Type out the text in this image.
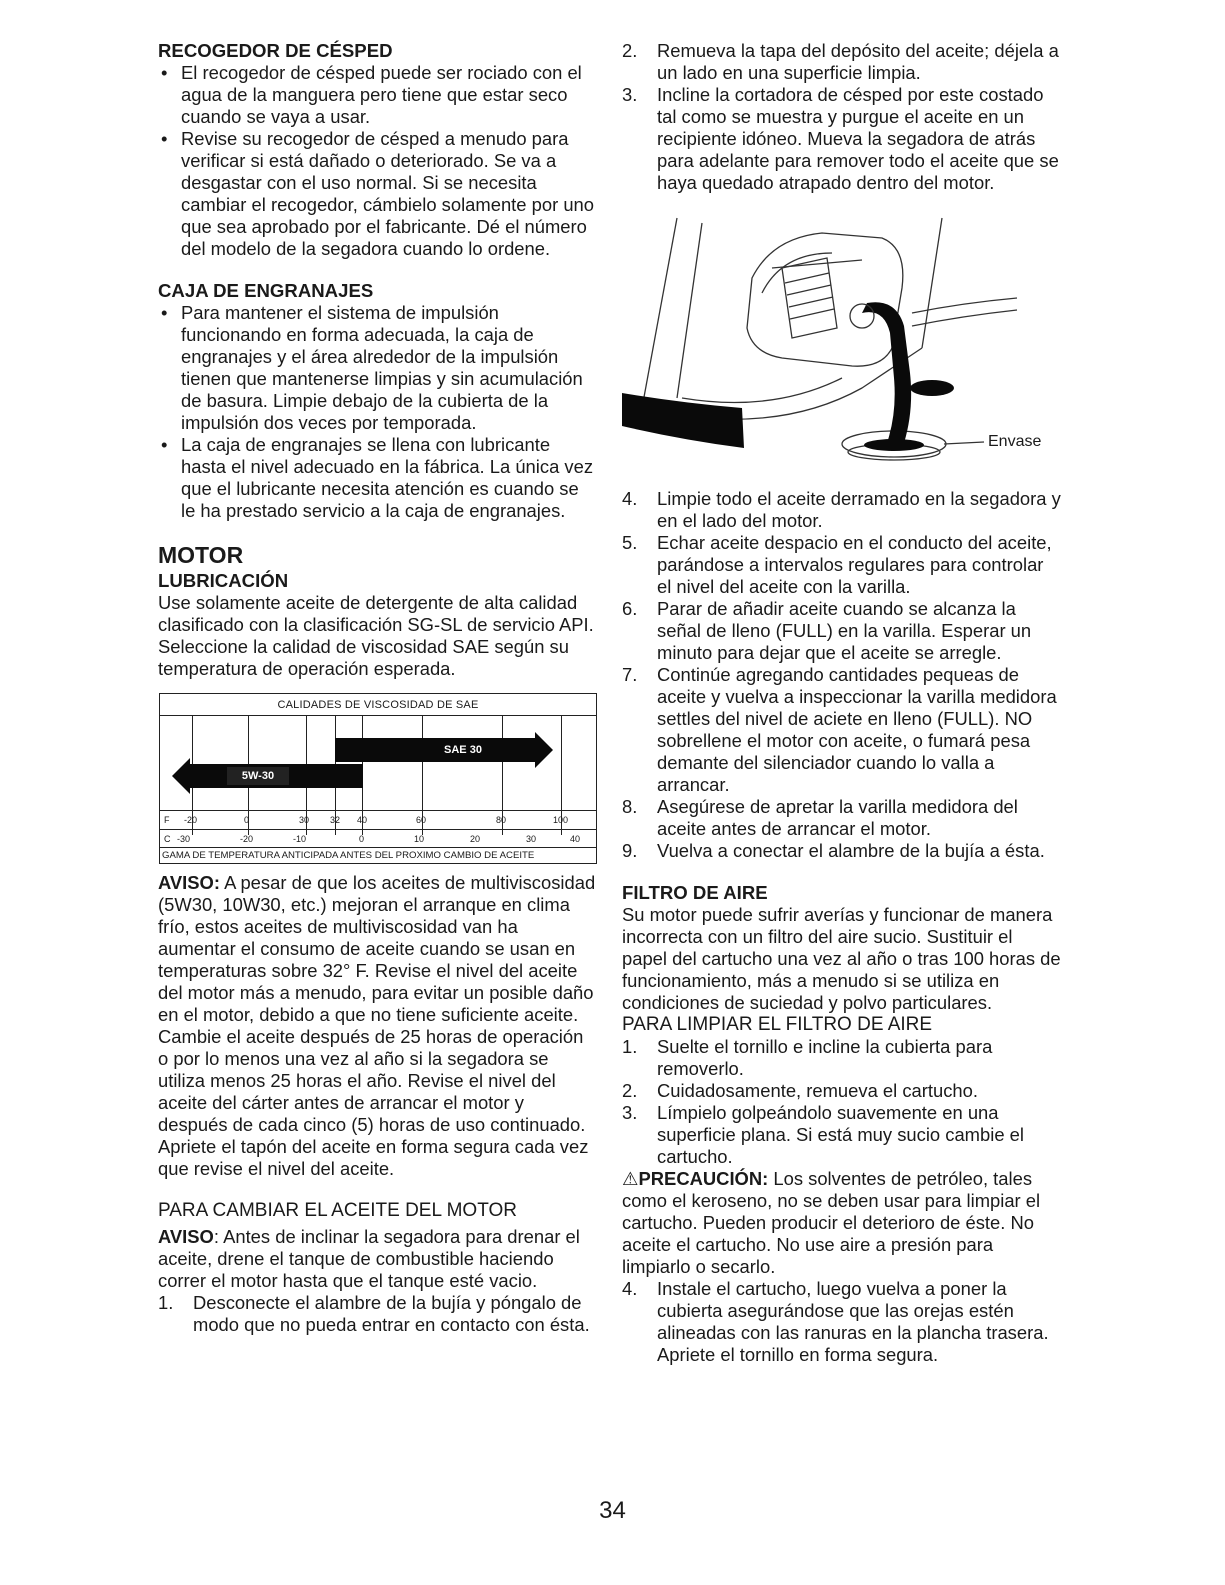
RECOGEDOR DE CÉSPED
• El recogedor de césped puede ser rociado con el agua de la manguera pero tiene que estar seco cuando se vaya a usar.
• Revise su recogedor de césped a menudo para verificar si está dañado o deteriorado. Se va a desgastar con el uso normal. Si se necesita cambiar el recogedor, cámbielo solamente por uno que sea aprobado por el fabricante. Dé el número del modelo de la segadora cuando lo ordene.
CAJA DE ENGRANAJES
• Para mantener el sistema de impulsión funcionando en forma adecuada, la caja de engranajes y el área alrededor de la impulsión tienen que mantenerse limpias y sin acumulación de basura. Limpie debajo de la cubierta de la impulsión dos veces por temporada.
• La caja de engranajes se llena con lubricante hasta el nivel adecuado en la fábrica. La única vez que el lubricante necesita atención es cuando se le ha prestado servicio a la caja de engranajes.
MOTOR
LUBRICACIÓN

Use solamente aceite de detergente de alta calidad clasificado con la clasificación SG-SL de servicio API. Seleccione la calidad de viscosidad SAE según su temperatura de operación esperada.

CALIDADES DE VISCOSIDAD DE SAE
5W-30
SAE 30
F -20	0	30 32 40	60	80	100
C -30	-20	-10	0	10	20	30	40
GAMA DE TEMPERATURA ANTICIPADA ANTES DEL PROXIMO CAMBIO DE ACEITE

AVISO: A pesar de que los aceites de multiviscosidad (5W30, 10W30, etc.) mejoran el arranque en clima frío, estos aceites de multiviscosidad van ha aumentar el consumo de aceite cuando se usan en temperaturas sobre 32° F. Revise el nivel del aceite del motor más a menudo, para evitar un posible daño en el motor, debido a que no tiene suficiente aceite. Cambie el aceite después de 25 horas de operación o por lo menos una vez al año si la segadora se utiliza menos 25 horas el año. Revise el nivel del aceite del cárter antes de arrancar el motor y después de cada cinco (5) horas de uso continuado. Apriete el tapón del aceite en forma segura cada vez que revise el nivel del aceite.

PARA CAMBIAR EL ACEITE DEL MOTOR

AVISO: Antes de inclinar la segadora para drenar el aceite, drene el tanque de combustible haciendo correr el motor hasta que el tanque esté vacio.

1. Desconecte el alambre de la bujía y póngalo de modo que no pueda entrar en contacto con ésta.
2. Remueva la tapa del depósito del aceite; déjela a un lado en una superficie limpia.
3. Incline la cortadora de césped por este costado tal como se muestra y purgue el aceite en un recipiente idóneo. Mueva la segadora de atrás para adelante para remover todo el aceite que se haya quedado atrapado dentro del motor.
Envase
4. Limpie todo el aceite derramado en la segadora y en el lado del motor.
5. Echar aceite despacio en el conducto del aceite, parándose a intervalos regulares para controlar el nivel del aceite con la varilla.
6. Parar de añadir aceite cuando se alcanza la señal de lleno (FULL) en la varilla. Esperar un minuto para dejar que el aceite se arregle.
7. Continúe agregando cantidades pequeas de aceite y vuelva a inspeccionar la varilla medidora settles del nivel de aciete en lleno (FULL). NO sobrellene el motor con aceite, o fumará pesa demante del silenciador cuando lo valla a arrancar.
8. Asegúrese de apretar la varilla medidora del aceite antes de arrancar el motor.
9. Vuelva a conectar el alambre de la bujía a ésta.
FILTRO DE AIRE

Su motor puede sufrir averías y funcionar de manera incorrecta con un filtro del aire sucio. Sustituir el papel del cartucho una vez al año o tras 100 horas de funcionamiento, más a menudo si se utiliza en condiciones de suciedad y polvo particulares.

PARA LIMPIAR EL FILTRO DE AIRE
1. Suelte el tornillo e incline la cubierta para removerlo.
2. Cuidadosamente, remueva el cartucho.
3. Límpielo golpeándolo suavemente en una superficie plana. Si está muy sucio cambie el cartucho.

⚠PRECAUCIÓN: Los solventes de petróleo, tales como el keroseno, no se deben usar para limpiar el cartucho. Pueden producir el deterioro de éste. No aceite el cartucho. No use aire a presión para limpiarlo o secarlo.

4. Instale el cartucho, luego vuelva a poner la cubierta asegurándose que las orejas estén alineadas con las ranuras en la plancha trasera. Apriete el tornillo en forma segura.
34
